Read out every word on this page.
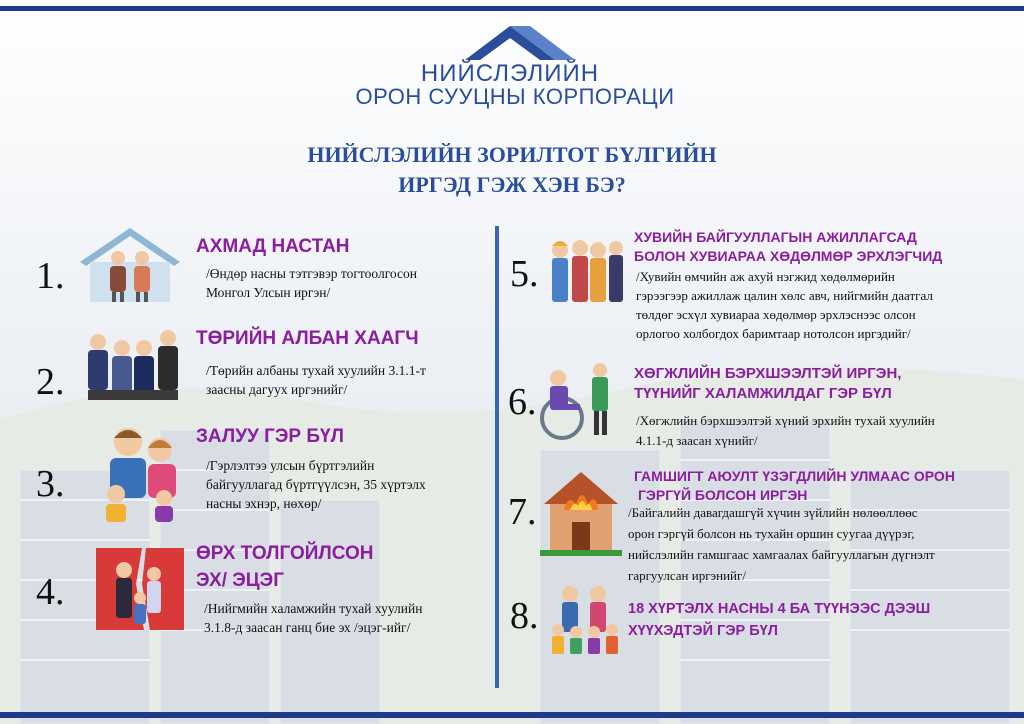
НИЙСЛЭЛИЙН
ОРОН СУУЦНЫ КОРПОРАЦИ
НИЙСЛЭЛИЙН ЗОРИЛТОТ БҮЛГИЙН
ИРГЭД ГЭЖ ХЭН БЭ?
1.
АХМАД НАСТАН
/Өндөр насны тэтгэвэр тогтоолгосон
Монгол Улсын иргэн/
2.
ТӨРИЙН АЛБАН ХААГЧ
/Төрийн албаны тухай хуулийн 3.1.1-т
заасны дагуух иргэнийг/
3.
ЗАЛУУ ГЭР БҮЛ
/Гэрлэлтээ улсын бүртгэлийн
байгууллагад бүртгүүлсэн, 35 хүртэлх
насны эхнэр, нөхөр/
4.
ӨРХ ТОЛГОЙЛСОН
ЭХ/ ЭЦЭГ
/Нийгмийн халамжийн тухай хуулийн
3.1.8-д заасан ганц бие эх /эцэг-ийг/
5.
ХУВИЙН БАЙГУУЛЛАГЫН АЖИЛЛАГСАД
БОЛОН ХУВИАРАА ХӨДӨЛМӨР ЭРХЛЭГЧИД
/Хувийн өмчийн аж ахуй нэгжид хөдөлмөрийн
гэрээгээр ажиллаж цалин хөлс авч, нийгмийн даатгал
төлдөг эсхүл хувиараа хөдөлмөр эрхлэснээс олсон
орлогоо холбогдох баримтаар нотолсон иргэдийг/
6.
ХӨГЖЛИЙН БЭРХШЭЭЛТЭЙ ИРГЭН,
ТҮҮНИЙГ ХАЛАМЖИЛДАГ ГЭР БҮЛ
/Хөгжлийн бэрхшээлтэй хүний эрхийн тухай хуулийн
4.1.1-д заасан хүнийг/
7.
ГАМШИГТ АЮУЛТ ҮЗЭГДЛИЙН УЛМААС ОРОН
ГЭРГҮЙ БОЛСОН ИРГЭН
/Байгалийн давагдашгүй хүчин зүйлийн нөлөөллөөс
орон гэргүй болсон нь тухайн оршин суугаа дүүрэг,
нийслэлийн гамшгаас хамгаалах байгууллагын дүгнэлт
гаргуулсан иргэнийг/
8.	18 ХҮРТЭЛХ НАСНЫ 4 БА ТҮҮНЭЭС ДЭЭШ
ХҮҮХЭДТЭЙ ГЭР БҮЛ
